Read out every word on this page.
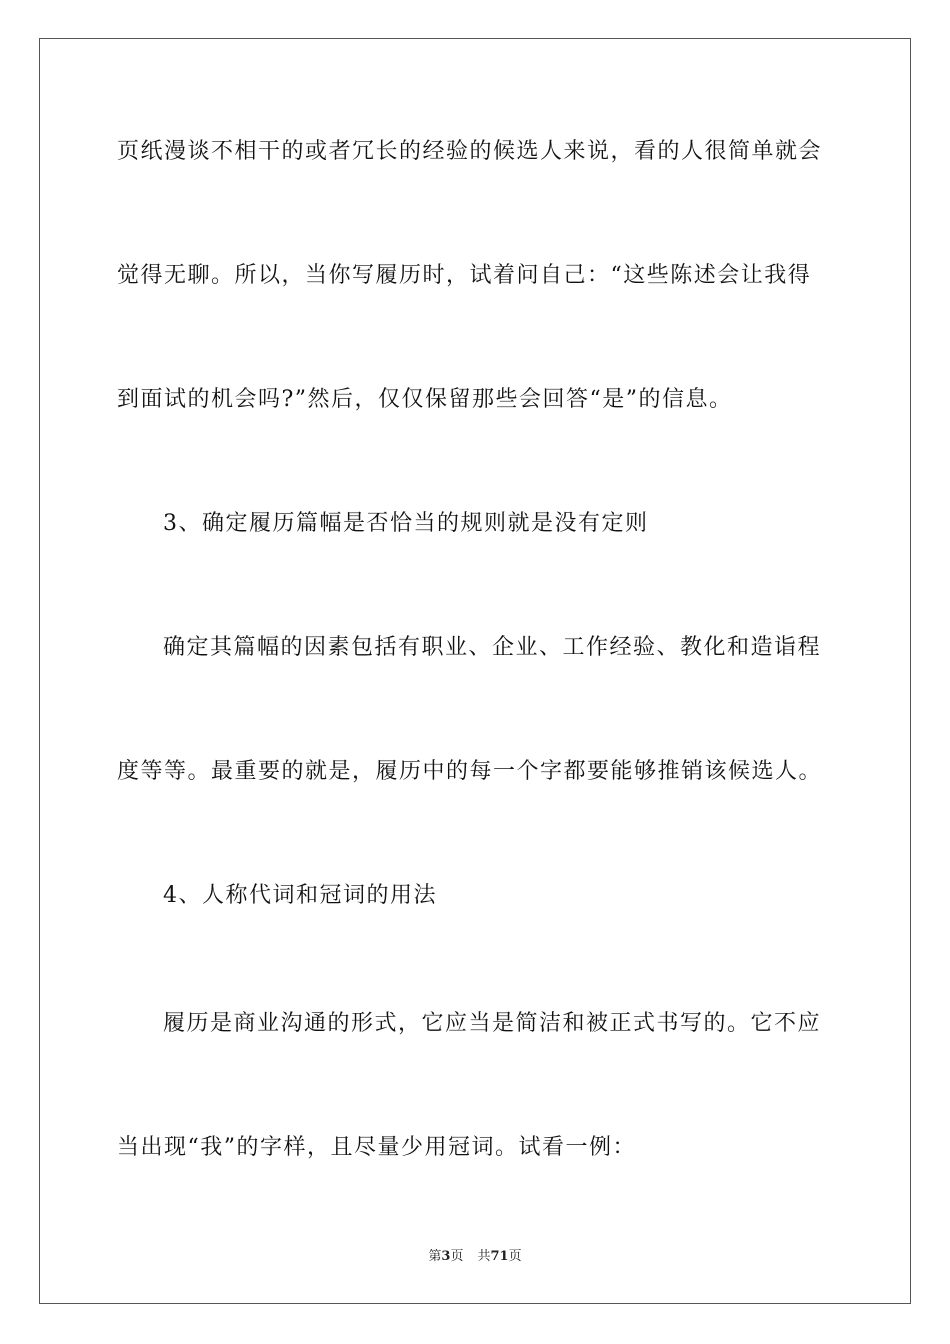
页纸漫谈不相干的或者冗长的经验的候选人来说，看的人很简单就会
觉得无聊。所以，当你写履历时，试着问自己：“这些陈述会让我得
到面试的机会吗?”然后，仅仅保留那些会回答“是”的信息。
3、确定履历篇幅是否恰当的规则就是没有定则
确定其篇幅的因素包括有职业、企业、工作经验、教化和造诣程
度等等。最重要的就是，履历中的每一个字都要能够推销该候选人。
4、人称代词和冠词的用法
履历是商业沟通的形式，它应当是简洁和被正式书写的。它不应
当出现“我”的字样，且尽量少用冠词。试看一例：
第3页 共71页
